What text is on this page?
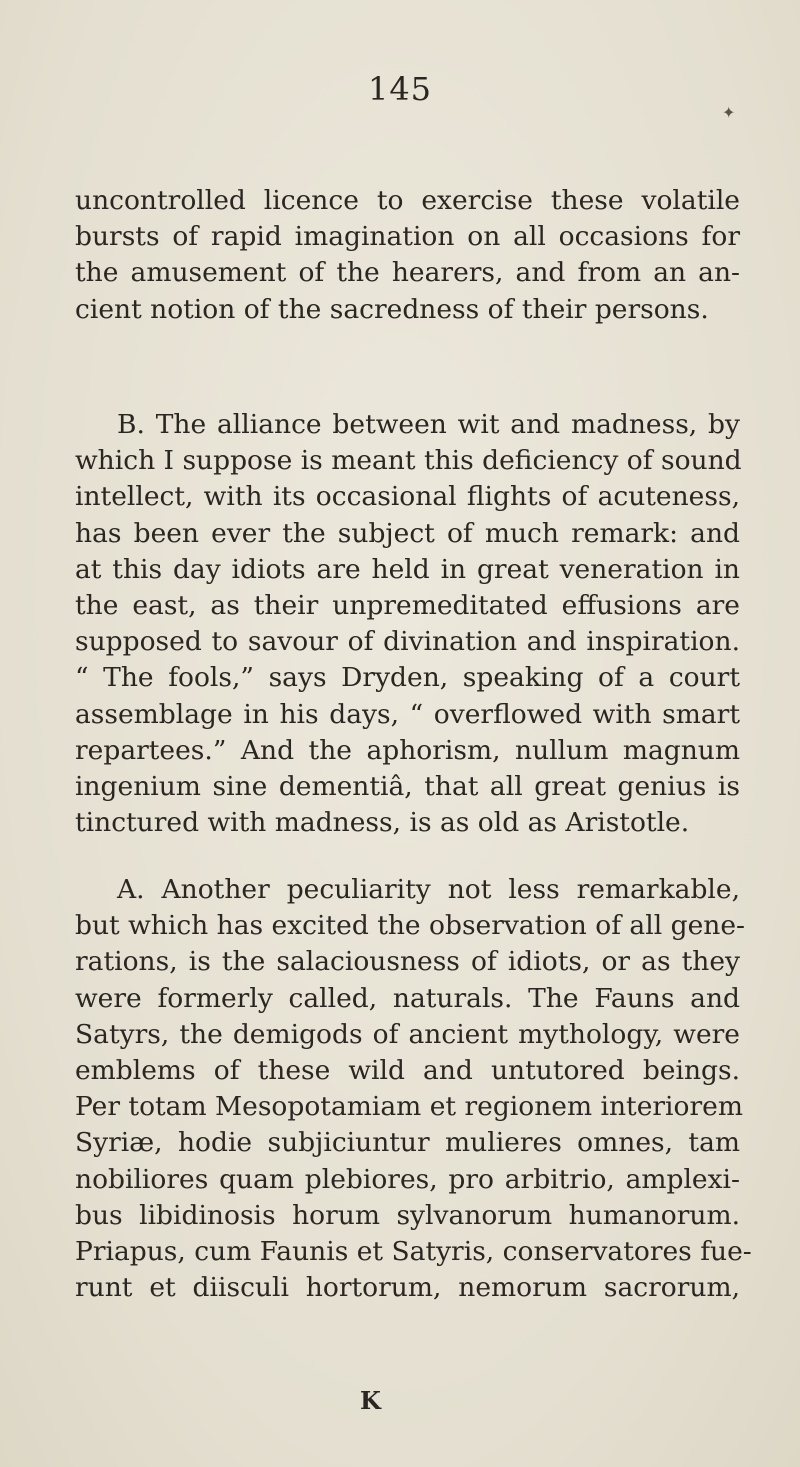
145
✦
uncontrolled licence to exercise these volatile
bursts of rapid imagination on all occasions for
the amusement of the hearers, and from an an-
cient notion of the sacredness of their persons.
B. The alliance between wit and madness, by
which I suppose is meant this deficiency of sound
intellect, with its occasional flights of acuteness,
has been ever the subject of much remark: and
at this day idiots are held in great veneration in
the east, as their unpremeditated effusions are
supposed to savour of divination and inspiration.
“ The fools,” says Dryden, speaking of a court
assemblage in his days, “ overflowed with smart
repartees.” And the aphorism, nullum magnum
ingenium sine dementiâ, that all great genius is
tinctured with madness, is as old as Aristotle.
A. Another peculiarity not less remarkable,
but which has excited the observation of all gene-
rations, is the salaciousness of idiots, or as they
were formerly called, naturals. The Fauns and
Satyrs, the demigods of ancient mythology, were
emblems of these wild and untutored beings.
Per totam Mesopotamiam et regionem interiorem
Syriæ, hodie subjiciuntur mulieres omnes, tam
nobiliores quam plebiores, pro arbitrio, amplexi-
bus libidinosis horum sylvanorum humanorum.
Priapus, cum Faunis et Satyris, conservatores fue-
runt et diisculi hortorum, nemorum sacrorum,
K
